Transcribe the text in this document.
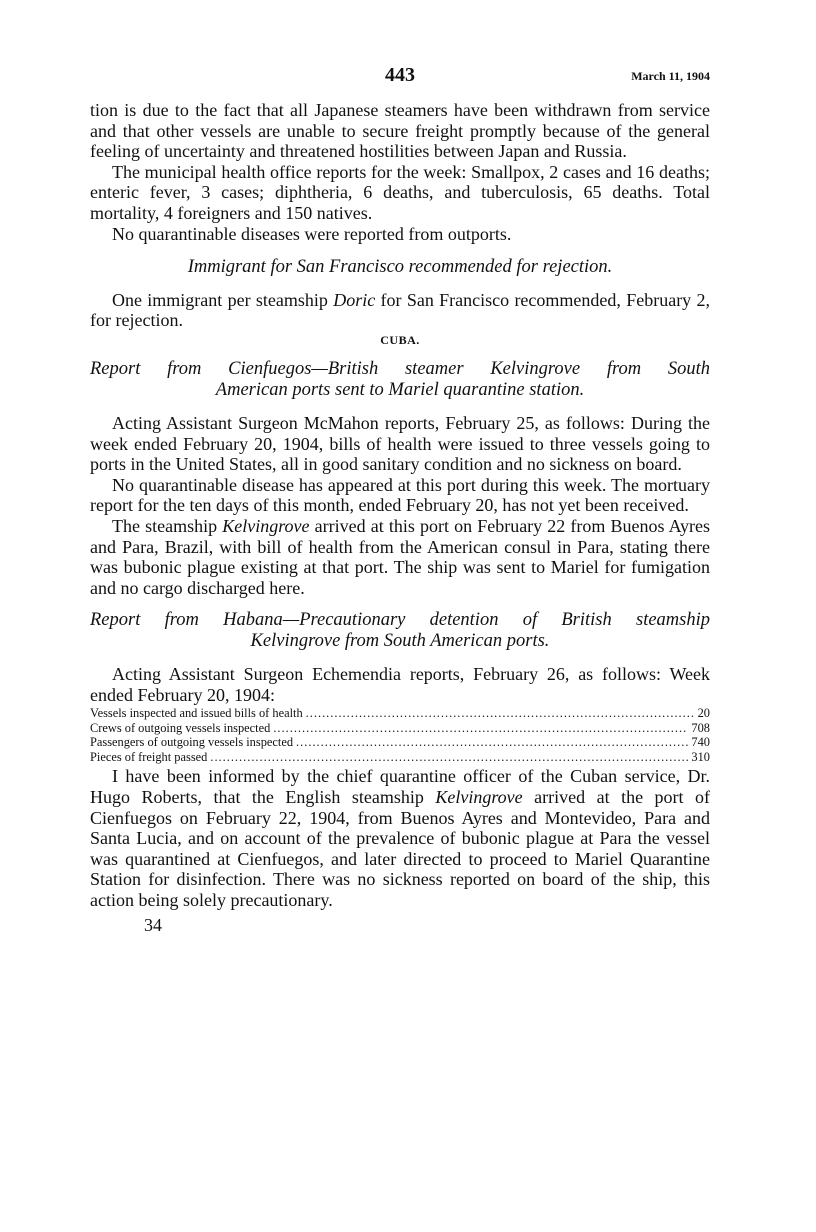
443	March 11, 1904

tion is due to the fact that all Japanese steamers have been withdrawn from service and that other vessels are unable to secure freight promptly because of the general feeling of uncertainty and threatened hostilities between Japan and Russia.

The municipal health office reports for the week: Smallpox, 2 cases and 16 deaths; enteric fever, 3 cases; diphtheria, 6 deaths, and tuberculosis, 65 deaths. Total mortality, 4 foreigners and 150 natives.

No quarantinable diseases were reported from outports.

Immigrant for San Francisco recommended for rejection.

One immigrant per steamship Doric for San Francisco recommended, February 2, for rejection.

CUBA.
Report from Cienfuegos—British steamer Kelvingrove from South
American ports sent to Mariel quarantine station.

Acting Assistant Surgeon McMahon reports, February 25, as follows: During the week ended February 20, 1904, bills of health were issued to three vessels going to ports in the United States, all in good sanitary condition and no sickness on board.

No quarantinable disease has appeared at this port during this week. The mortuary report for the ten days of this month, ended February 20, has not yet been received.

The steamship Kelvingrove arrived at this port on February 22 from Buenos Ayres and Para, Brazil, with bill of health from the American consul in Para, stating there was bubonic plague existing at that port. The ship was sent to Mariel for fumigation and no cargo discharged here.

Report from Habana—Precautionary detention of British steamship
Kelvingrove from South American ports.

Acting Assistant Surgeon Echemendia reports, February 26, as follows: Week ended February 20, 1904:

Vessels inspected and issued bills of health .....	20
Crews of outgoing vessels inspected .....	708
Passengers of outgoing vessels inspected .....	740
Pieces of freight passed .....	310

I have been informed by the chief quarantine officer of the Cuban service, Dr. Hugo Roberts, that the English steamship Kelvingrove arrived at the port of Cienfuegos on February 22, 1904, from Buenos Ayres and Montevideo, Para and Santa Lucia, and on account of the prevalence of bubonic plague at Para the vessel was quarantined at Cienfuegos, and later directed to proceed to Mariel Quarantine Station for disinfection. There was no sickness reported on board of the ship, this action being solely precautionary.

34
